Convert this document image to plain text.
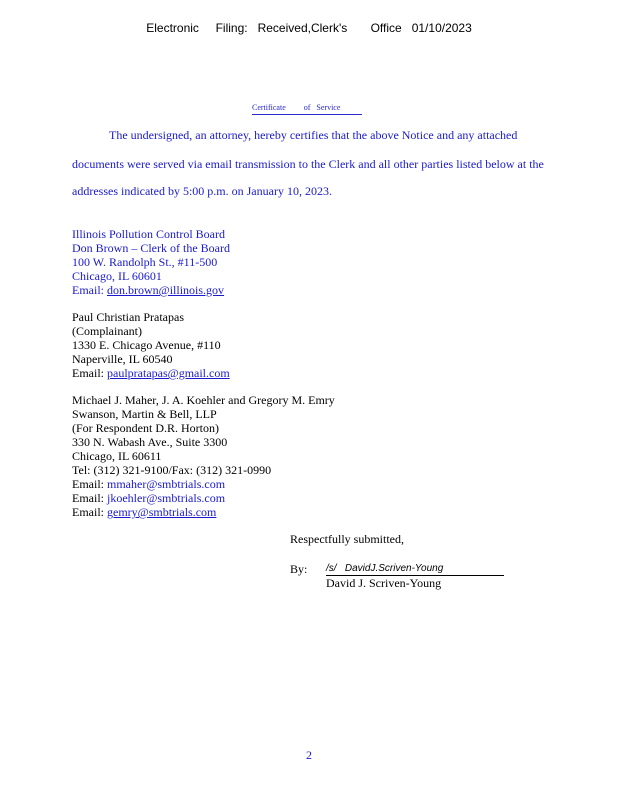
Electronic     Filing:   Received,Clerk's       Office   01/10/2023
Certificate         of   Service
The undersigned, an attorney, hereby certifies that the above Notice and any attached
documents were served via email transmission to the Clerk and all other parties listed below at the
addresses indicated by 5:00 p.m. on January 10, 2023.
Illinois Pollution Control Board
Don Brown – Clerk of the Board
100 W. Randolph St., #11-500
Chicago, IL 60601
Email: don.brown@illinois.gov
Paul Christian Pratapas
(Complainant)
1330 E. Chicago Avenue, #110
Naperville, IL 60540
Email: paulpratapas@gmail.com
Michael J. Maher, J. A. Koehler and Gregory M. Emry
Swanson, Martin & Bell, LLP
(For Respondent D.R. Horton)
330 N. Wabash Ave., Suite 3300
Chicago, IL 60611
Tel: (312) 321-9100/Fax: (312) 321-0990
Email: mmaher@smbtrials.com
Email: jkoehler@smbtrials.com
Email: gemry@smbtrials.com
Respectfully submitted,
By: /s/   DavidJ.Scriven-Young
David J. Scriven-Young
2
